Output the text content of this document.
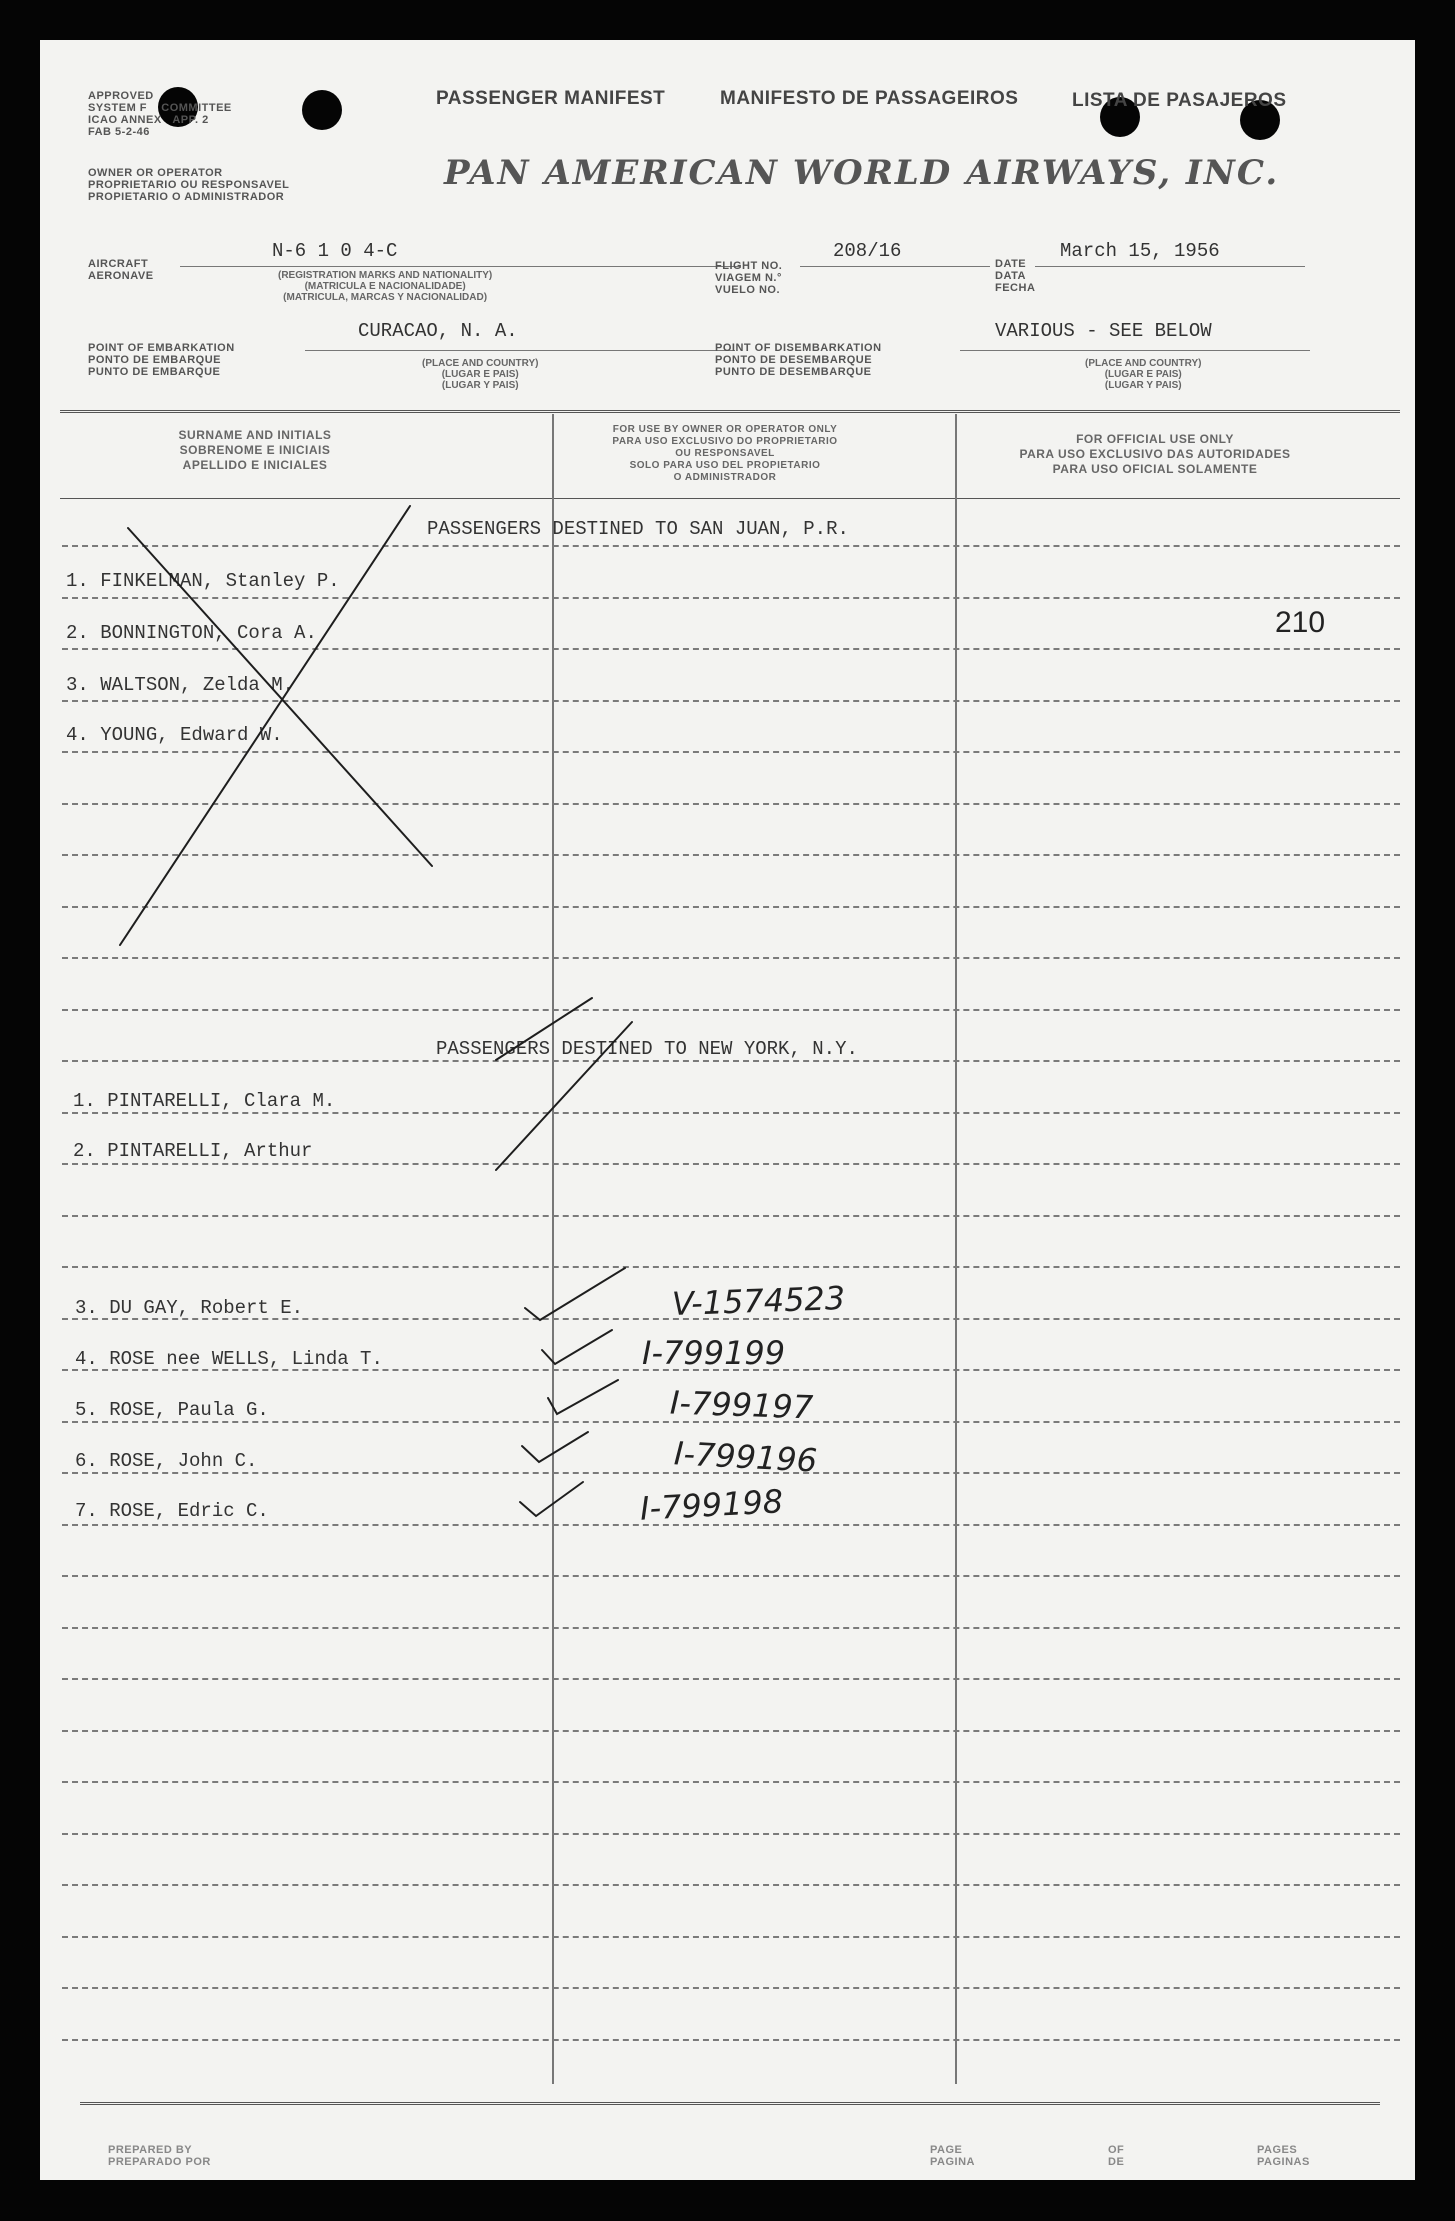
APPROVED
SYSTEM F COMMITTEE
ICAO ANNEX APP. 2
FAB 5-2-46
OWNER OR OPERATOR
PROPRIETARIO OU RESPONSAVEL
PROPIETARIO O ADMINISTRADOR
PASSENGER MANIFEST	MANIFESTO DE PASSAGEIROS	LISTA DE PASAJEROS
PAN AMERICAN WORLD AIRWAYS, INC.
AIRCRAFT
AERONAVE
N-6 1 0 4-C
(REGISTRATION MARKS AND NATIONALITY)
(MATRICULA E NACIONALIDADE)
(MATRICULA, MARCAS Y NACIONALIDAD)
FLIGHT NO.
VIAGEM N.°
VUELO NO.
208/16
DATE
DATA
FECHA
March 15, 1956
POINT OF EMBARKATION
PONTO DE EMBARQUE
PUNTO DE EMBARQUE
CURACAO, N. A.
(PLACE AND COUNTRY)
(LUGAR E PAIS)
(LUGAR Y PAIS)
POINT OF DISEMBARKATION
PONTO DE DESEMBARQUE
PUNTO DE DESEMBARQUE
VARIOUS - SEE BELOW
(PLACE AND COUNTRY)
(LUGAR E PAIS)
(LUGAR Y PAIS)
SURNAME AND INITIALS
SOBRENOME E INICIAIS
APELLIDO E INICIALES
FOR USE BY OWNER OR OPERATOR ONLY
PARA USO EXCLUSIVO DO PROPRIETARIO
OU RESPONSAVEL
SOLO PARA USO DEL PROPIETARIO
O ADMINISTRADOR
FOR OFFICIAL USE ONLY
PARA USO EXCLUSIVO DAS AUTORIDADES
PARA USO OFICIAL SOLAMENTE
PASSENGERS DESTINED TO SAN JUAN, P.R.
1. FINKELMAN, Stanley P.
2. BONNINGTON, Cora A.
3. WALTSON, Zelda M.
4. YOUNG, Edward W.
210
PASSENGERS DESTINED TO NEW YORK, N.Y.
1. PINTARELLI, Clara M.
2. PINTARELLI, Arthur
3. DU GAY, Robert E.
4. ROSE nee WELLS, Linda T.
5. ROSE, Paula G.
6. ROSE, John C.
7. ROSE, Edric C.
V-1574523
I-799199
I-799197
I-799196
I-799198
PREPARED BY
PREPARADO POR
PAGE
PAGINA
OF
DE
PAGES
PAGINAS
